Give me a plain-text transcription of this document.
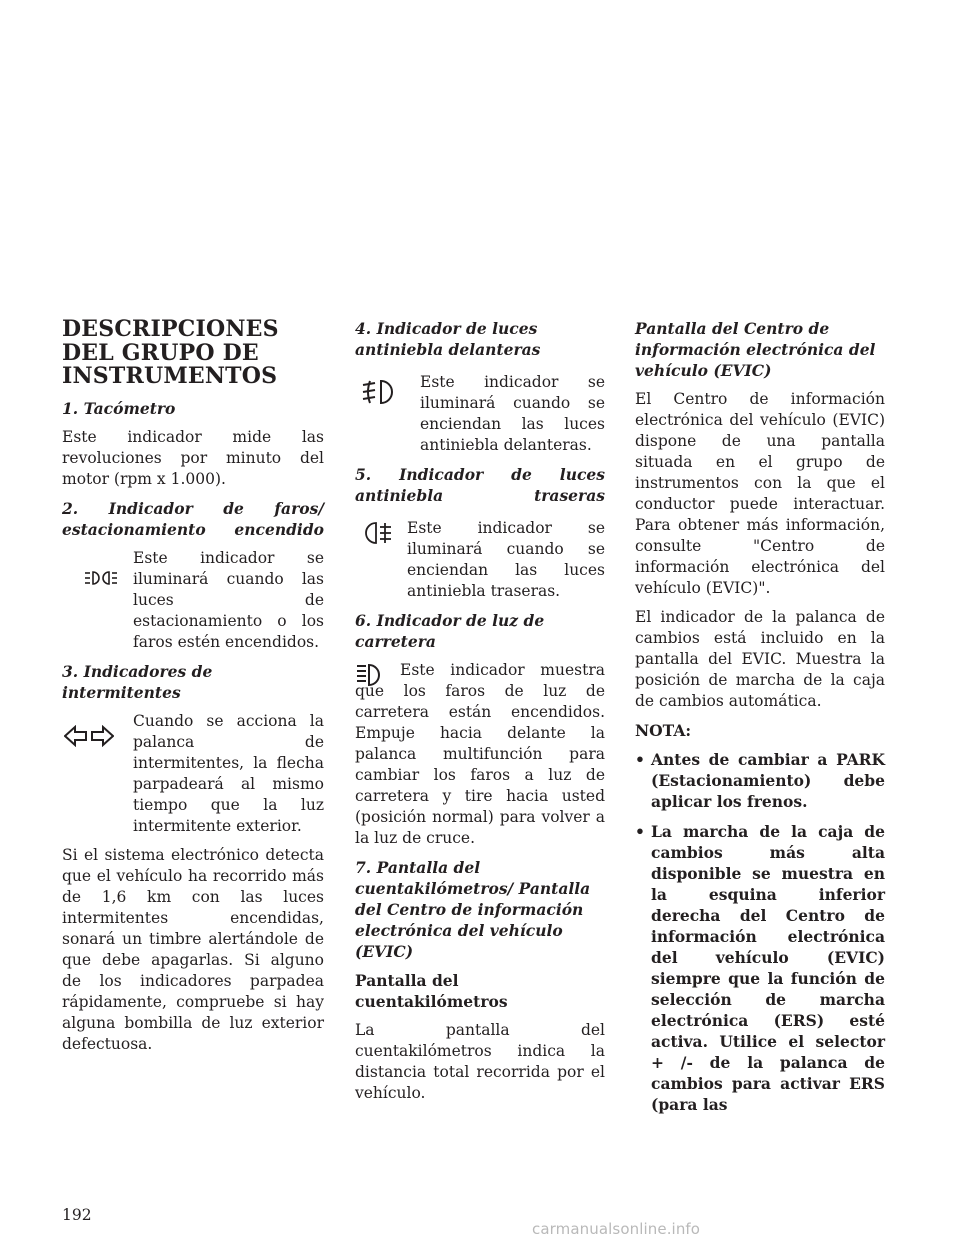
DESCRIPCIONES DEL GRUPO DE INSTRUMENTOS
1. Tacómetro

Este indicador mide las revoluciones por minuto del motor (rpm x 1.000).

2. Indicador de faros/ estacionamiento encendido

Este indicador se iluminará cuando las luces de estacionamiento o los faros estén encendidos.

3. Indicadores de intermitentes

Cuando se acciona la palanca de intermitentes, la flecha parpadeará al mismo tiempo que la luz intermitente exterior.

Si el sistema electrónico detecta que el vehículo ha recorrido más de 1,6 km con las luces intermitentes encendidas, sonará un timbre alertándole de que debe apagarlas. Si alguno de los indicadores parpadea rápidamente, compruebe si hay alguna bombilla de luz exterior defectuosa.

4. Indicador de luces antiniebla delanteras

Este indicador se iluminará cuando se enciendan las luces antiniebla delanteras.

5. Indicador de luces antiniebla traseras

Este indicador se iluminará cuando se enciendan las luces antiniebla traseras.

6. Indicador de luz de carretera

Este indicador muestra que los faros de luz de carretera están encendidos. Empuje hacia delante la palanca multifunción para cambiar los faros a luz de carretera y tire hacia usted (posición normal) para volver a la luz de cruce.

7. Pantalla del cuentakilómetros/ Pantalla del Centro de información electrónica del vehículo (EVIC)
Pantalla del cuentakilómetros

La pantalla del cuentakilómetros indica la distancia total recorrida por el vehículo.

Pantalla del Centro de información electrónica del vehículo (EVIC)

El Centro de información electrónica del vehículo (EVIC) dispone de una pantalla situada en el grupo de instrumentos con la que el conductor puede interactuar. Para obtener más información, consulte "Centro de información electrónica del vehículo (EVIC)".

El indicador de la palanca de cambios está incluido en la pantalla del EVIC. Muestra la posición de marcha de la caja de cambios automática.

NOTA:
• Antes de cambiar a PARK (Estacionamiento) debe aplicar los frenos.
• La marcha de la caja de cambios más alta disponible se muestra en la esquina inferior derecha del Centro de información electrónica del vehículo (EVIC) siempre que la función de selección de marcha electrónica (ERS) esté activa. Utilice el selector + /- de la palanca de cambios para activar ERS (para las
192
carmanualsonline.info
